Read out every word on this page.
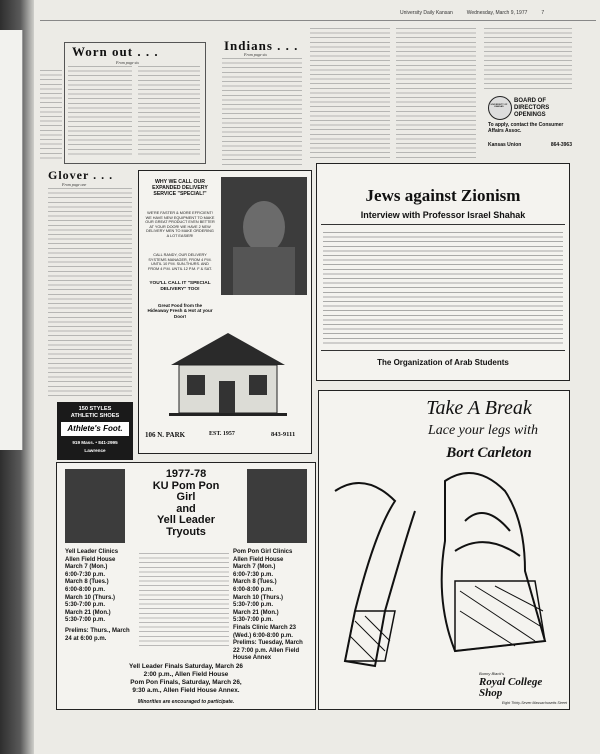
University Daily Kansan	Wednesday, March 9, 1977	7
Worn out . . .
From page six
Indians . . .
From page six
Glover . . .
From page one
UNIVERSITY OF KANSAS
BOARD OF DIRECTORS OPENINGS
To apply, contact the Consumer Affairs Assoc.
Kansas Union	864-3963
WHY WE CALL OUR EXPANDED DELIVERY SERVICE "SPECIAL!"
WE'RE FASTER & MORE EFFICIENT! WE HAVE NEW EQUIPMENT TO MAKE OUR GREAT PRODUCT EVEN BETTER AT YOUR DOOR! WE HAVE 2 NEW DELIVERY MEN TO MAKE ORDERING A LOT EASIER!
CALL RANDY, OUR DELIVERY SYSTEMS MANAGER, FROM 4 P.M. UNTIL 10 P.M. SUN-THURS. AND FROM 4 P.M. UNTIL 12 P.M. F & SAT.
YOU'LL CALL IT "SPECIAL DELIVERY" TOO!
Great Food from the Hideaway Fresh & Hot at your Door!
106 N. PARK	EST. 1957	843-9111
150 STYLES
ATHLETIC SHOES
Athlete's Foot.
919 Mass. • 841-2995
Lawrence
1977-78
KU Pom Pon
Girl
and
Yell Leader
Tryouts
Yell Leader Clinics
Allen Field House
March 7 (Mon.)
6:00-7:30 p.m.
March 8 (Tues.)
6:00-8:00 p.m.
March 10 (Thurs.)
5:30-7:00 p.m.
March 21 (Mon.)
5:30-7:00 p.m.
Prelims: Thurs., March 24 at 6:00 p.m.
Pom Pon Girl Clinics
Allen Field House
March 7 (Mon.)
6:00-7:30 p.m.
March 8 (Tues.)
6:00-8:00 p.m.
March 10 (Thurs.)
5:30-7:00 p.m.
March 21 (Mon.)
5:30-7:00 p.m.
Finals Clinic March 23 (Wed.) 6:00-8:00 p.m.
Prelims: Tuesday, March 22 7:00 p.m. Allen Field House Annex
Yell Leader Finals Saturday, March 26
2:00 p.m., Allen Field House
Pom Pon Finals, Saturday, March 26,
9:30 a.m., Allen Field House Annex.
Minorities are encouraged to participate.
Jews against Zionism
Interview with Professor Israel Shahak
The Organization of Arab Students
Take A Break
Lace your legs with
Bort Carleton
Bunny Black's
Royal College Shop
Eight Thirty-Seven Massachusetts Street
